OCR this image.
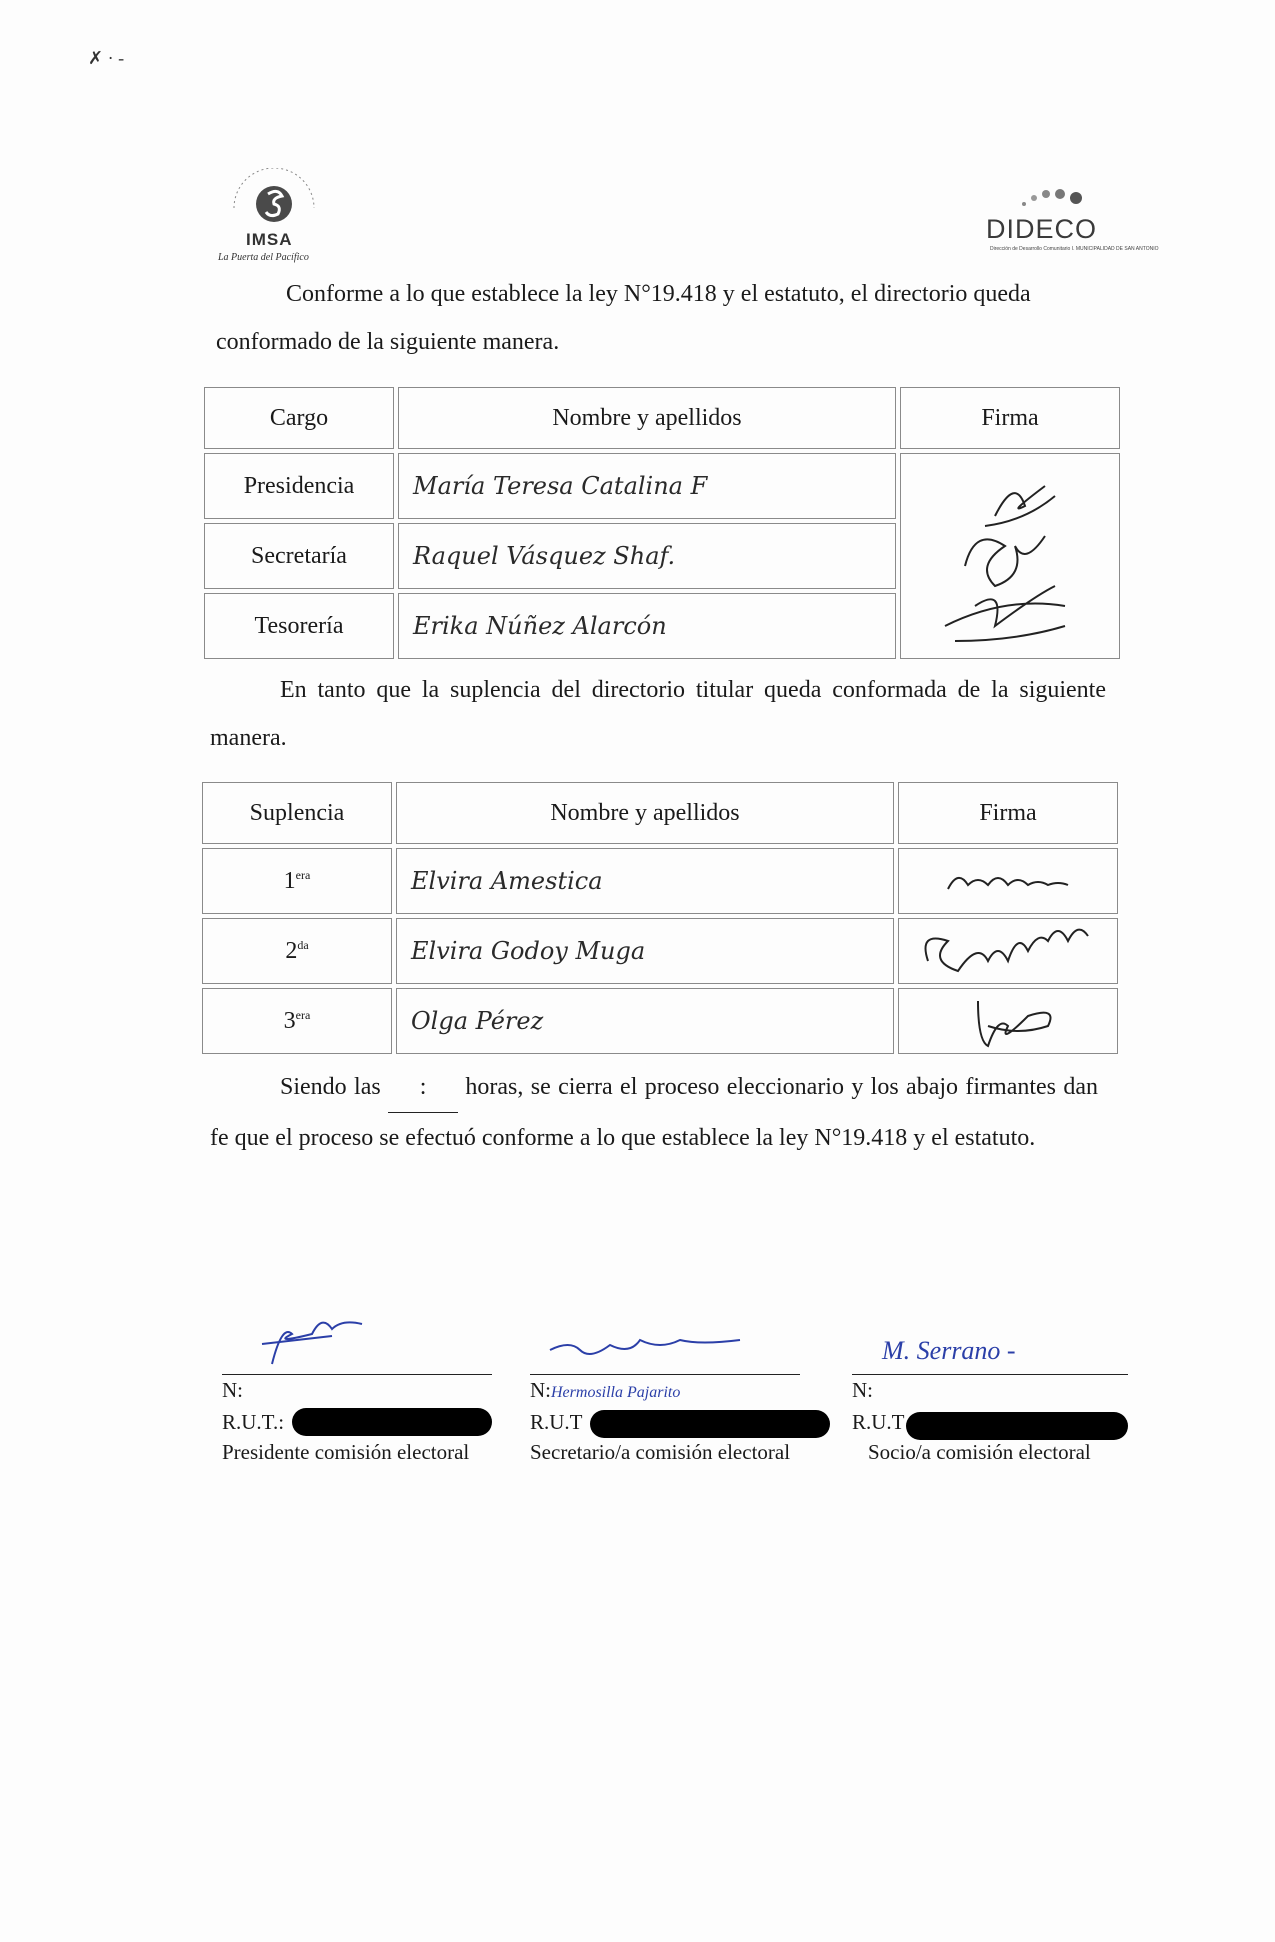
✗ · -
IMSA
La Puerta del Pacífico
DIDECO
Dirección de Desarrollo Comunitario I. MUNICIPALIDAD DE SAN ANTONIO
Conforme a lo que establece la ley N°19.418 y el estatuto, el directorio queda conformado de la siguiente manera.
Cargo	Nombre y apellidos	Firma
Presidencia	María Teresa Catalina F	

Secretaría	Raquel Vásquez Shaf.	
Tesorería	Erika Núñez Alarcón	
En tanto que la suplencia del directorio titular queda conformada de la siguiente manera.
Suplencia	Nombre y apellidos	Firma
$1^{era}$	Elvira Amestica	

$2^{da}$	Elvira Godoy Muga	

$3^{era}$	Olga Pérez	
Siendo las : horas, se cierra el proceso eleccionario y los abajo firmantes dan fe que el proceso se efectuó conforme a lo que establece la ley N°19.418 y el estatuto.
N:
R.U.T.:
Presidente comisión electoral
N:Hermosilla Pajarito
R.U.T
Secretario/a comisión electoral
M. Serrano -
N:
R.U.T
Socio/a comisión electoral
